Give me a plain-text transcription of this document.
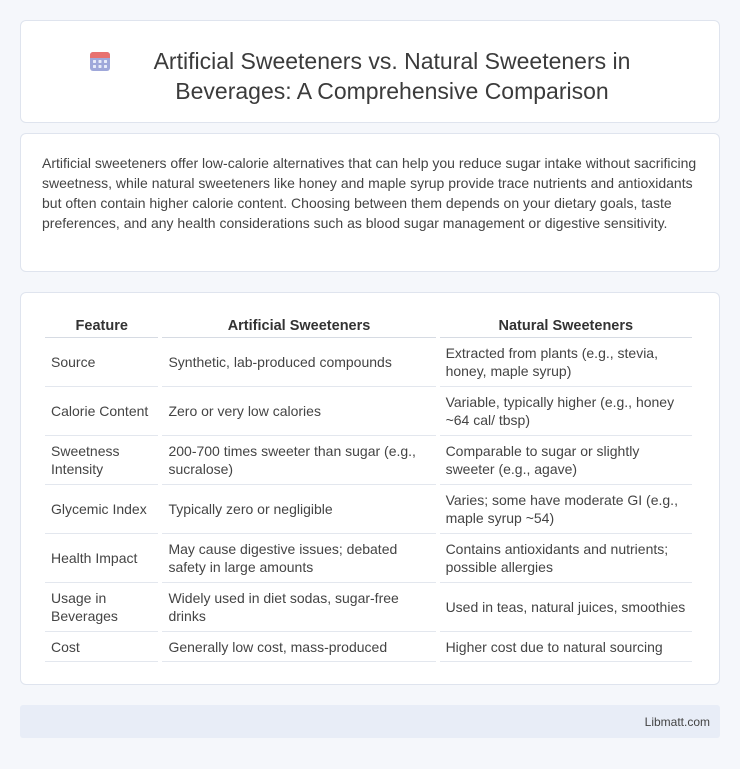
Artificial Sweeteners vs. Natural Sweeteners in Beverages: A Comprehensive Comparison

Artificial sweeteners offer low-calorie alternatives that can help you reduce sugar intake without sacrificing sweetness, while natural sweeteners like honey and maple syrup provide trace nutrients and antioxidants but often contain higher calorie content. Choosing between them depends on your dietary goals, taste preferences, and any health considerations such as blood sugar management or digestive sensitivity.

Feature	Artificial Sweeteners	Natural Sweeteners
Source	Synthetic, lab-produced compounds	Extracted from plants (e.g., stevia, honey, maple syrup)
Calorie Content	Zero or very low calories	Variable, typically higher (e.g., honey ~64 cal/ tbsp)
Sweetness Intensity	200-700 times sweeter than sugar (e.g., sucralose)	Comparable to sugar or slightly sweeter (e.g., agave)
Glycemic Index	Typically zero or negligible	Varies; some have moderate GI (e.g., maple syrup ~54)
Health Impact	May cause digestive issues; debated safety in large amounts	Contains antioxidants and nutrients; possible allergies
Usage in Beverages	Widely used in diet sodas, sugar-free drinks	Used in teas, natural juices, smoothies
Cost	Generally low cost, mass-produced	Higher cost due to natural sourcing
Libmatt.com
